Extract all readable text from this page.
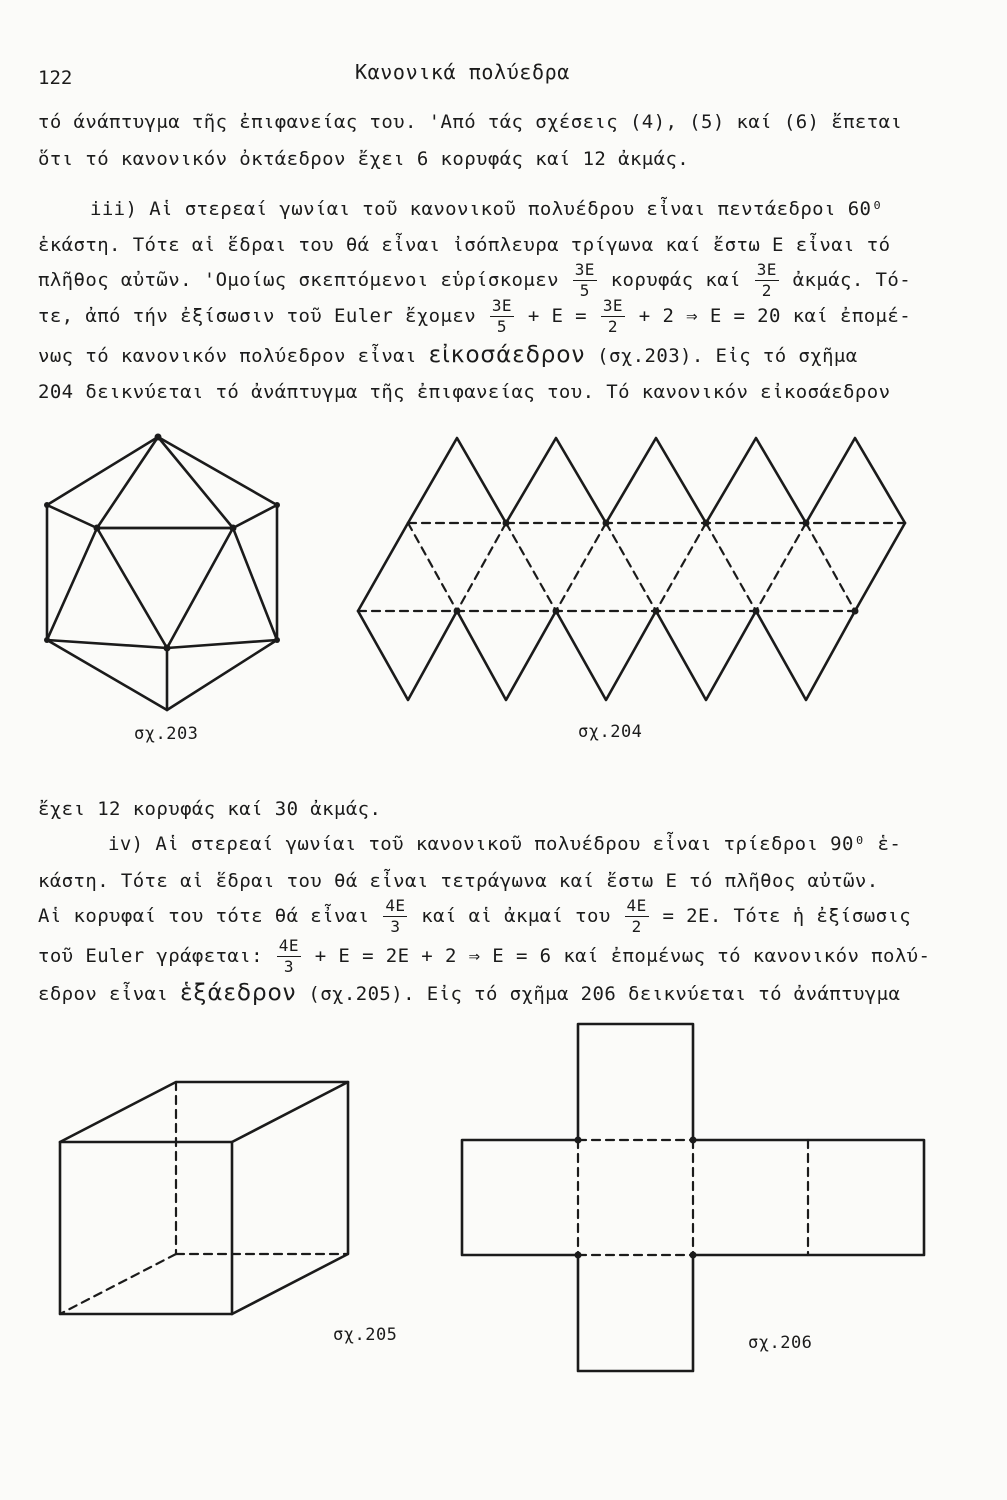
122	Κανονικά πολύεδρα
τό άνάπτυγμα τῆς ἐπιφανείας του. 'Από τάς σχέσεις (4), (5) καί (6) ἔπεται
ὅτι τό κανονικόν ὀκτάεδρον ἔχει 6 κορυφάς καί 12 ἀκμάς.
iii) Αἱ στερεαί γωνίαι τοῦ κανονικοῦ πολυέδρου εἶναι πεντάεδροι 60⁰
ἑκάστη. Τότε αἱ ἕδραι του θά εἶναι ἰσόπλευρα τρίγωνα καί ἔστω Ε εἶναι τό
πλῆθος αὐτῶν. 'Ομοίως σκεπτόμενοι εὑρίσκομεν $\frac{3E}{5}$ κορυφάς καί $\frac{3E}{2}$ ἀκμάς. Τό-
τε, ἀπό τήν ἐξίσωσιν τοῦ Euler ἔχομεν $\frac{3E}{5} + E = \frac{3E}{2} + 2$ ⇒ Ε = 20 καί ἐπομέ-
νως τό κανονικόν πολύεδρον εἶναι εἰκοσάεδρον (σχ.203). Εἰς τό σχῆμα
204 δεικνύεται τό ἀνάπτυγμα τῆς ἐπιφανείας του. Τό κανονικόν εἰκοσάεδρον
σχ.203	σχ.204
ἔχει 12 κορυφάς καί 30 ἀκμάς.
iv) Αἱ στερεαί γωνίαι τοῦ κανονικοῦ πολυέδρου εἶναι τρίεδροι 90⁰ ἑ-
κάστη. Τότε αἱ ἕδραι του θά εἶναι τετράγωνα καί ἔστω Ε τό πλῆθος αὐτῶν.
Αἱ κορυφαί του τότε θά εἶναι $\frac{4E}{3}$ καί αἱ ἀκμαί του $\frac{4E}{2} = 2E$. Τότε ἡ ἐξίσωσις
τοῦ Euler γράφεται: $\frac{4E}{3} + E = 2E + 2$ ⇒ Ε = 6 καί ἐπομένως τό κανονικόν πολύ-
εδρον εἶναι ἑξάεδρον (σχ.205). Εἰς τό σχῆμα 206 δεικνύεται τό ἀνάπτυγμα
σχ.205	σχ.206
